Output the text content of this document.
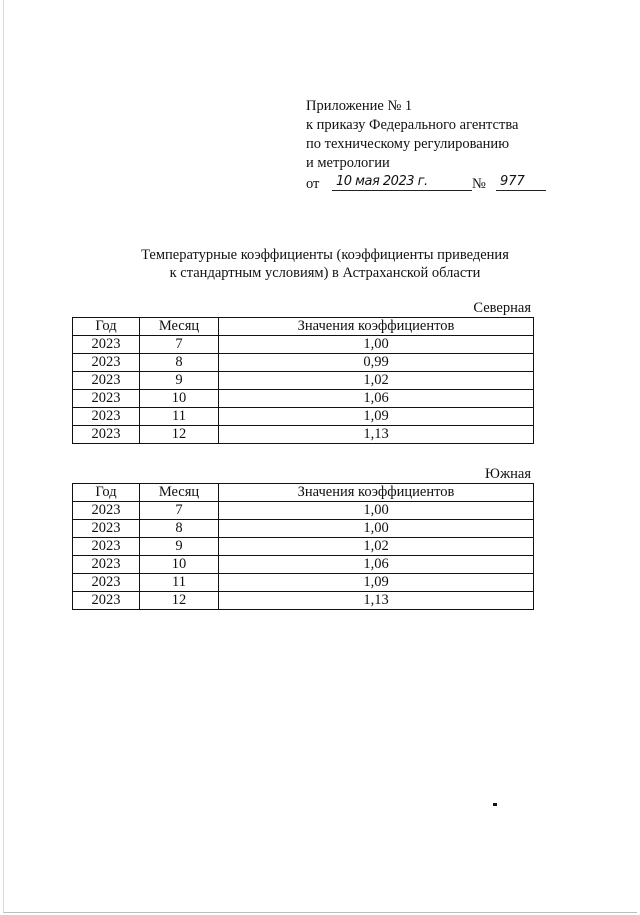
Приложение № 1
к приказу Федерального агентства
по техническому регулированию
и метрологии
от	10 мая 2023 г.	№	977
Температурные коэффициенты (коэффициенты приведения
к стандартным условиям) в Астраханской области
Северная
Год	Месяц	Значения коэффициентов
2023	7	1,00
2023	8	0,99
2023	9	1,02
2023	10	1,06
2023	11	1,09
2023	12	1,13
Южная
Год	Месяц	Значения коэффициентов
2023	7	1,00
2023	8	1,00
2023	9	1,02
2023	10	1,06
2023	11	1,09
2023	12	1,13
